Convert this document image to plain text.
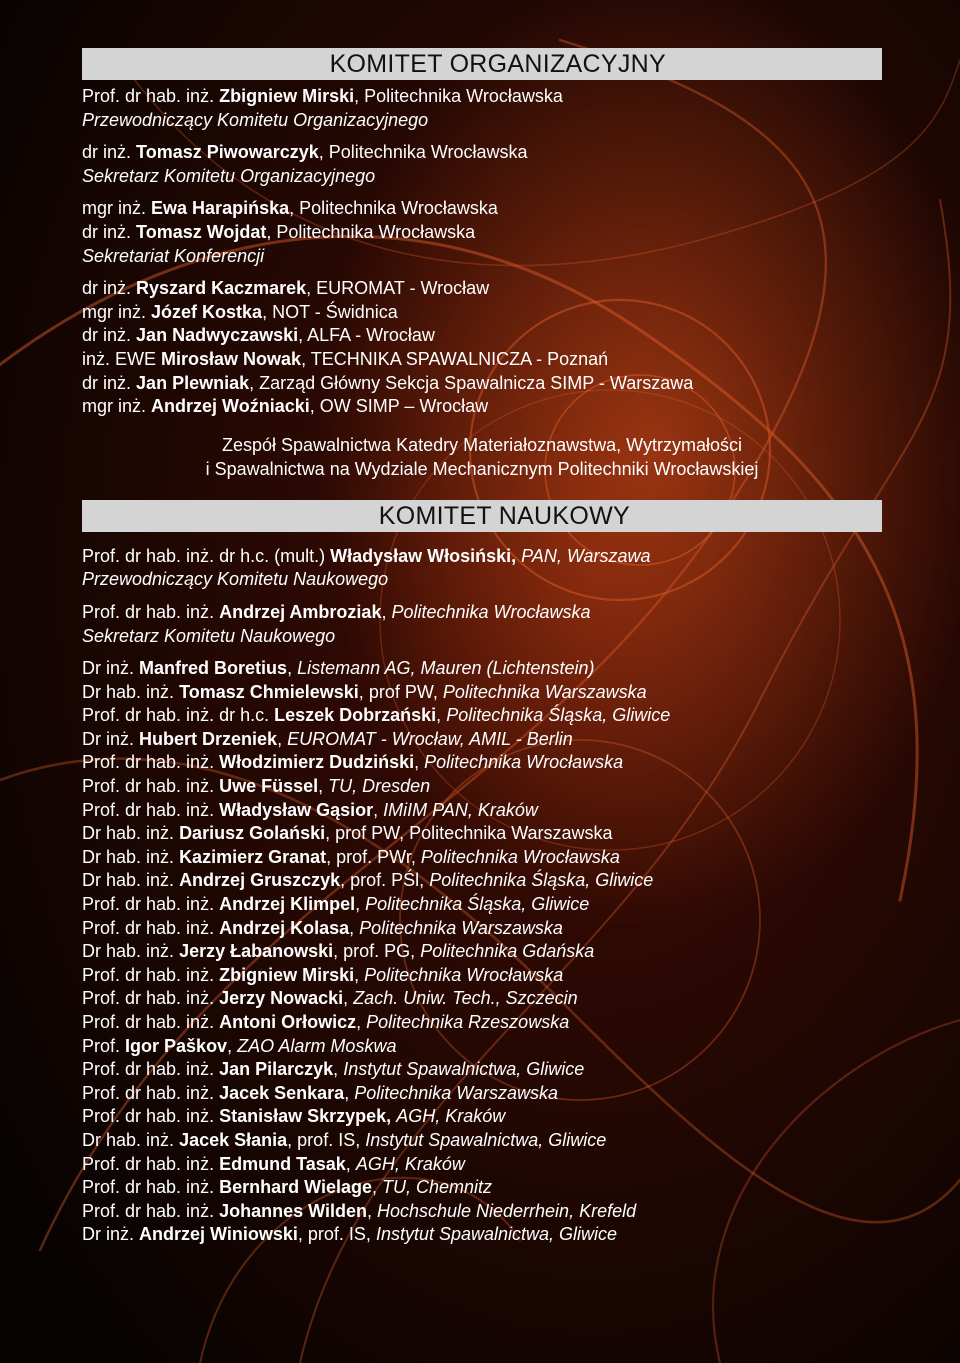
KOMITET ORGANIZACYJNY

Prof. dr hab. inż. Zbigniew Mirski, Politechnika Wrocławska

Przewodniczący Komitetu Organizacyjnego

dr inż. Tomasz Piwowarczyk, Politechnika Wrocławska

Sekretarz Komitetu Organizacyjnego

mgr inż. Ewa Harapińska, Politechnika Wrocławska

dr inż. Tomasz Wojdat, Politechnika Wrocławska

Sekretariat Konferencji

dr inż. Ryszard Kaczmarek, EUROMAT - Wrocław

mgr inż. Józef Kostka, NOT - Świdnica

dr inż. Jan Nadwyczawski, ALFA - Wrocław

inż. EWE Mirosław Nowak, TECHNIKA SPAWALNICZA - Poznań

dr inż. Jan Plewniak, Zarząd Główny Sekcja Spawalnicza SIMP - Warszawa

mgr inż. Andrzej Woźniacki, OW SIMP – Wrocław

Zespół Spawalnictwa Katedry Materiałoznawstwa, Wytrzymałości

i Spawalnictwa na Wydziale Mechanicznym Politechniki Wrocławskiej

KOMITET NAUKOWY

Prof. dr hab. inż. dr h.c. (mult.) Władysław Włosiński, PAN, Warszawa

Przewodniczący Komitetu Naukowego

Prof. dr hab. inż. Andrzej Ambroziak, Politechnika Wrocławska

Sekretarz Komitetu Naukowego

Dr inż. Manfred Boretius, Listemann AG, Mauren (Lichtenstein)

Dr hab. inż. Tomasz Chmielewski, prof PW, Politechnika Warszawska

Prof. dr hab. inż. dr h.c. Leszek Dobrzański, Politechnika Śląska, Gliwice

Dr inż. Hubert Drzeniek, EUROMAT - Wrocław, AMIL - Berlin

Prof. dr hab. inż. Włodzimierz Dudziński, Politechnika Wrocławska

Prof. dr hab. inż. Uwe Füssel, TU, Dresden

Prof. dr hab. inż. Władysław Gąsior, IMiIM PAN, Kraków

Dr hab. inż. Dariusz Golański, prof PW, Politechnika Warszawska

Dr hab. inż. Kazimierz Granat, prof. PWr, Politechnika Wrocławska

Dr hab. inż. Andrzej Gruszczyk, prof. PŚl, Politechnika Śląska, Gliwice

Prof. dr hab. inż. Andrzej Klimpel, Politechnika Śląska, Gliwice

Prof. dr hab. inż. Andrzej Kolasa, Politechnika Warszawska

Dr hab. inż. Jerzy Łabanowski, prof. PG, Politechnika Gdańska

Prof. dr hab. inż. Zbigniew Mirski, Politechnika Wrocławska

Prof. dr hab. inż. Jerzy Nowacki, Zach. Uniw. Tech., Szczecin

Prof. dr hab. inż. Antoni Orłowicz, Politechnika Rzeszowska

Prof. Igor Paškov, ZAO Alarm Moskwa

Prof. dr hab. inż. Jan Pilarczyk, Instytut Spawalnictwa, Gliwice

Prof. dr hab. inż. Jacek Senkara, Politechnika Warszawska

Prof. dr hab. inż. Stanisław Skrzypek, AGH, Kraków

Dr hab. inż. Jacek Słania, prof. IS, Instytut Spawalnictwa, Gliwice

Prof. dr hab. inż. Edmund Tasak, AGH, Kraków

Prof. dr hab. inż. Bernhard Wielage, TU, Chemnitz

Prof. dr hab. inż. Johannes Wilden, Hochschule Niederrhein, Krefeld

Dr inż. Andrzej Winiowski, prof. IS, Instytut Spawalnictwa, Gliwice
